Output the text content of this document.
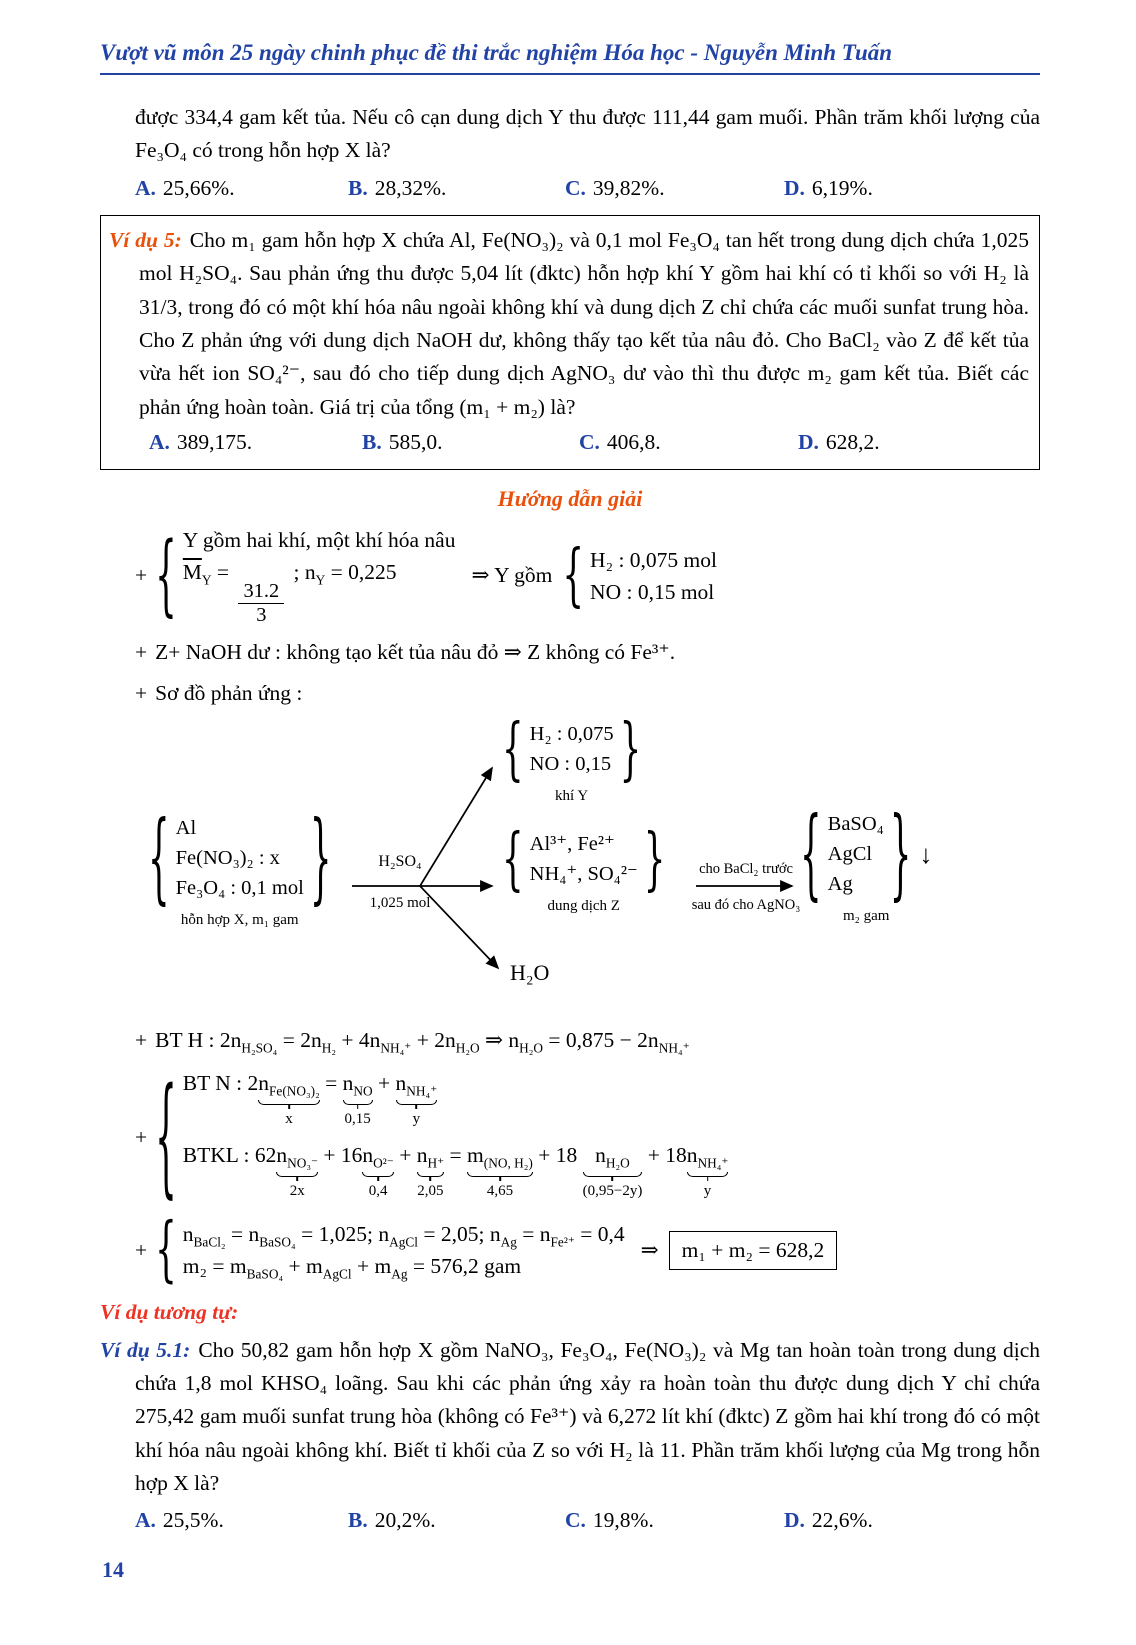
Vượt vũ môn 25 ngày chinh phục đề thi trắc nghiệm Hóa học - Nguyễn Minh Tuấn

được 334,4 gam kết tủa. Nếu cô cạn dung dịch Y thu được 111,44 gam muối. Phần trăm khối lượng của Fe₃O₄ có trong hỗn hợp X là?

A. 25,66%.	B. 28,32%.	C. 39,82%.	D. 6,19%.

Ví dụ 5: Cho m₁ gam hỗn hợp X chứa Al, Fe(NO₃)₂ và 0,1 mol Fe₃O₄ tan hết trong dung dịch chứa 1,025 mol H₂SO₄. Sau phản ứng thu được 5,04 lít (đktc) hỗn hợp khí Y gồm hai khí có tỉ khối so với H₂ là 31/3, trong đó có một khí hóa nâu ngoài không khí và dung dịch Z chỉ chứa các muối sunfat trung hòa. Cho Z phản ứng với dung dịch NaOH dư, không thấy tạo kết tủa nâu đỏ. Cho BaCl₂ vào Z để kết tủa vừa hết ion SO₄²⁻, sau đó cho tiếp dung dịch AgNO₃ dư vào thì thu được m₂ gam kết tủa. Biết các phản ứng hoàn toàn. Giá trị của tổng (m₁ + m₂) là?

A. 389,175.	B. 585,0.	C. 406,8.	D. 628,2.
Hướng dẫn giải
+
{
Y gồm hai khí, một khí hóa nâu
$\overline{M}_Y$ =
$\frac{31.2}{3}$
; $n_Y = 0,225$	⇒ Y gồm
{
H₂ : 0,075 mol
NO : 0,15 mol
+ Z+ NaOH dư : không tạo kết tủa nâu đỏ ⇒ Z không có Fe³⁺.
+ Sơ đồ phản ứng :
{
H₂ : 0,075
NO : 0,15
}
khí Y
{
Al
Fe(NO₃)₂ : x
Fe₃O₄ : 0,1 mol
}
hỗn hợp X, m₁ gam
H₂SO₄
1,025 mol
{
Al³⁺, Fe²⁺
NH₄⁺, SO₄²⁻
}
dung dịch Z
cho BaCl₂ trước
sau đó cho AgNO₃
{
BaSO₄
AgCl
Ag
}
↓
m₂ gam
H₂O
+ BT H : $2n_{H_2SO_4} = 2n_{H_2} + 4n_{NH_4^+} + 2n_{H_2O}$ ⇒ $n_{H_2O} = 0,875 - 2n_{NH_4^+}$
+
{
BT N : 2 $n_{Fe(NO_3)_2}$
x
= $n_{NO}$
0,15
+ $n_{NH_4^+}$
y
BTKL : 62 $n_{NO_3^-}$
2x
+ 16 $n_{O^{2-}}$
0,4
+ $n_{H^+}$
2,05
= $m_{(NO, H_2)}$
4,65
+ 18 $n_{H_2O}$
(0,95−2y)
+ 18 $n_{NH_4^+}$
y
+
{
$n_{BaCl_2} = n_{BaSO_4} = 1,025$; $n_{AgCl} = 2,05$; $n_{Ag} = n_{Fe^{2+}} = 0,4$
$m_2 = m_{BaSO_4} + m_{AgCl} + m_{Ag} = 576,2$ gam
⇒	m₁ + m₂ = 628,2
Ví dụ tương tự:

Ví dụ 5.1: Cho 50,82 gam hỗn hợp X gồm NaNO₃, Fe₃O₄, Fe(NO₃)₂ và Mg tan hoàn toàn trong dung dịch chứa 1,8 mol KHSO₄ loãng. Sau khi các phản ứng xảy ra hoàn toàn thu được dung dịch Y chỉ chứa 275,42 gam muối sunfat trung hòa (không có Fe³⁺) và 6,272 lít khí (đktc) Z gồm hai khí trong đó có một khí hóa nâu ngoài không khí. Biết tỉ khối của Z so với H₂ là 11. Phần trăm khối lượng của Mg trong hỗn hợp X là?

A. 25,5%.	B. 20,2%.	C. 19,8%.	D. 22,6%.
14
